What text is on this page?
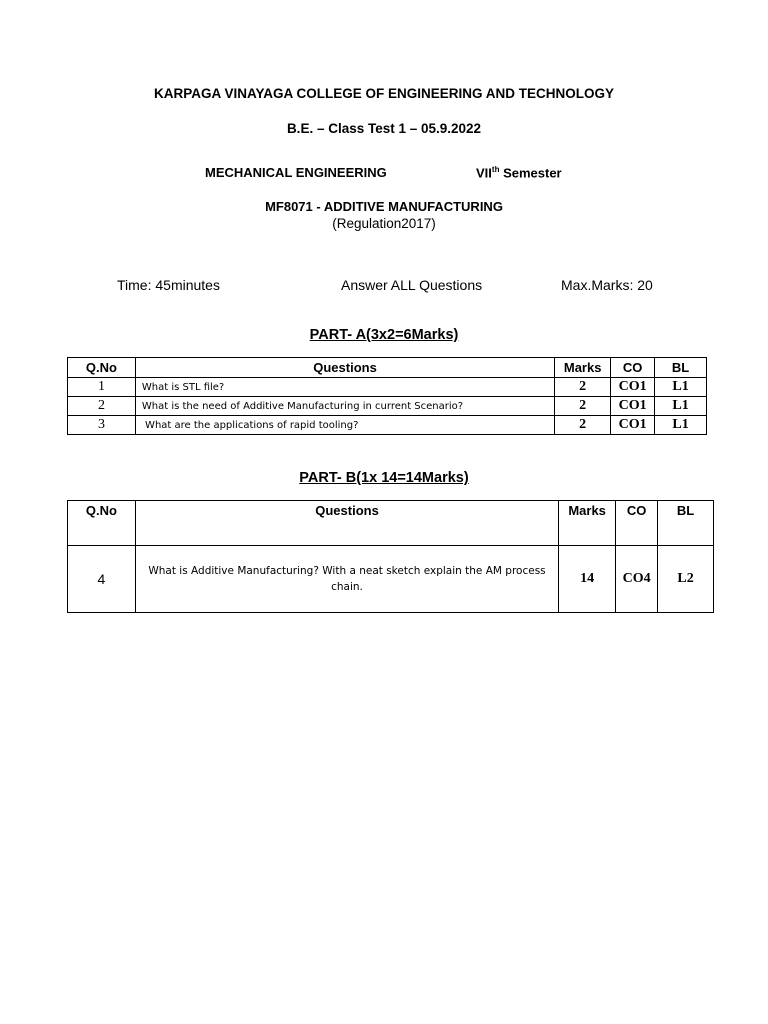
KARPAGA VINAYAGA COLLEGE OF ENGINEERING AND TECHNOLOGY
B.E. – Class Test 1 – 05.9.2022
MECHANICAL ENGINEERING	VIIth Semester
MF8071 - ADDITIVE MANUFACTURING
(Regulation2017)
Time: 45minutes	Answer ALL Questions	Max.Marks: 20
PART- A(3x2=6Marks)
Q.No	Questions	Marks	CO	BL
1	What is STL file?	2	CO1	L1
2	What is the need of Additive Manufacturing in current Scenario?	2	CO1	L1
3	What are the applications of rapid tooling?	2	CO1	L1
PART- B(1x 14=14Marks)
Q.No	Questions	Marks	CO	BL
4	What is Additive Manufacturing? With a neat sketch explain the AM process chain.	14	CO4	L2
